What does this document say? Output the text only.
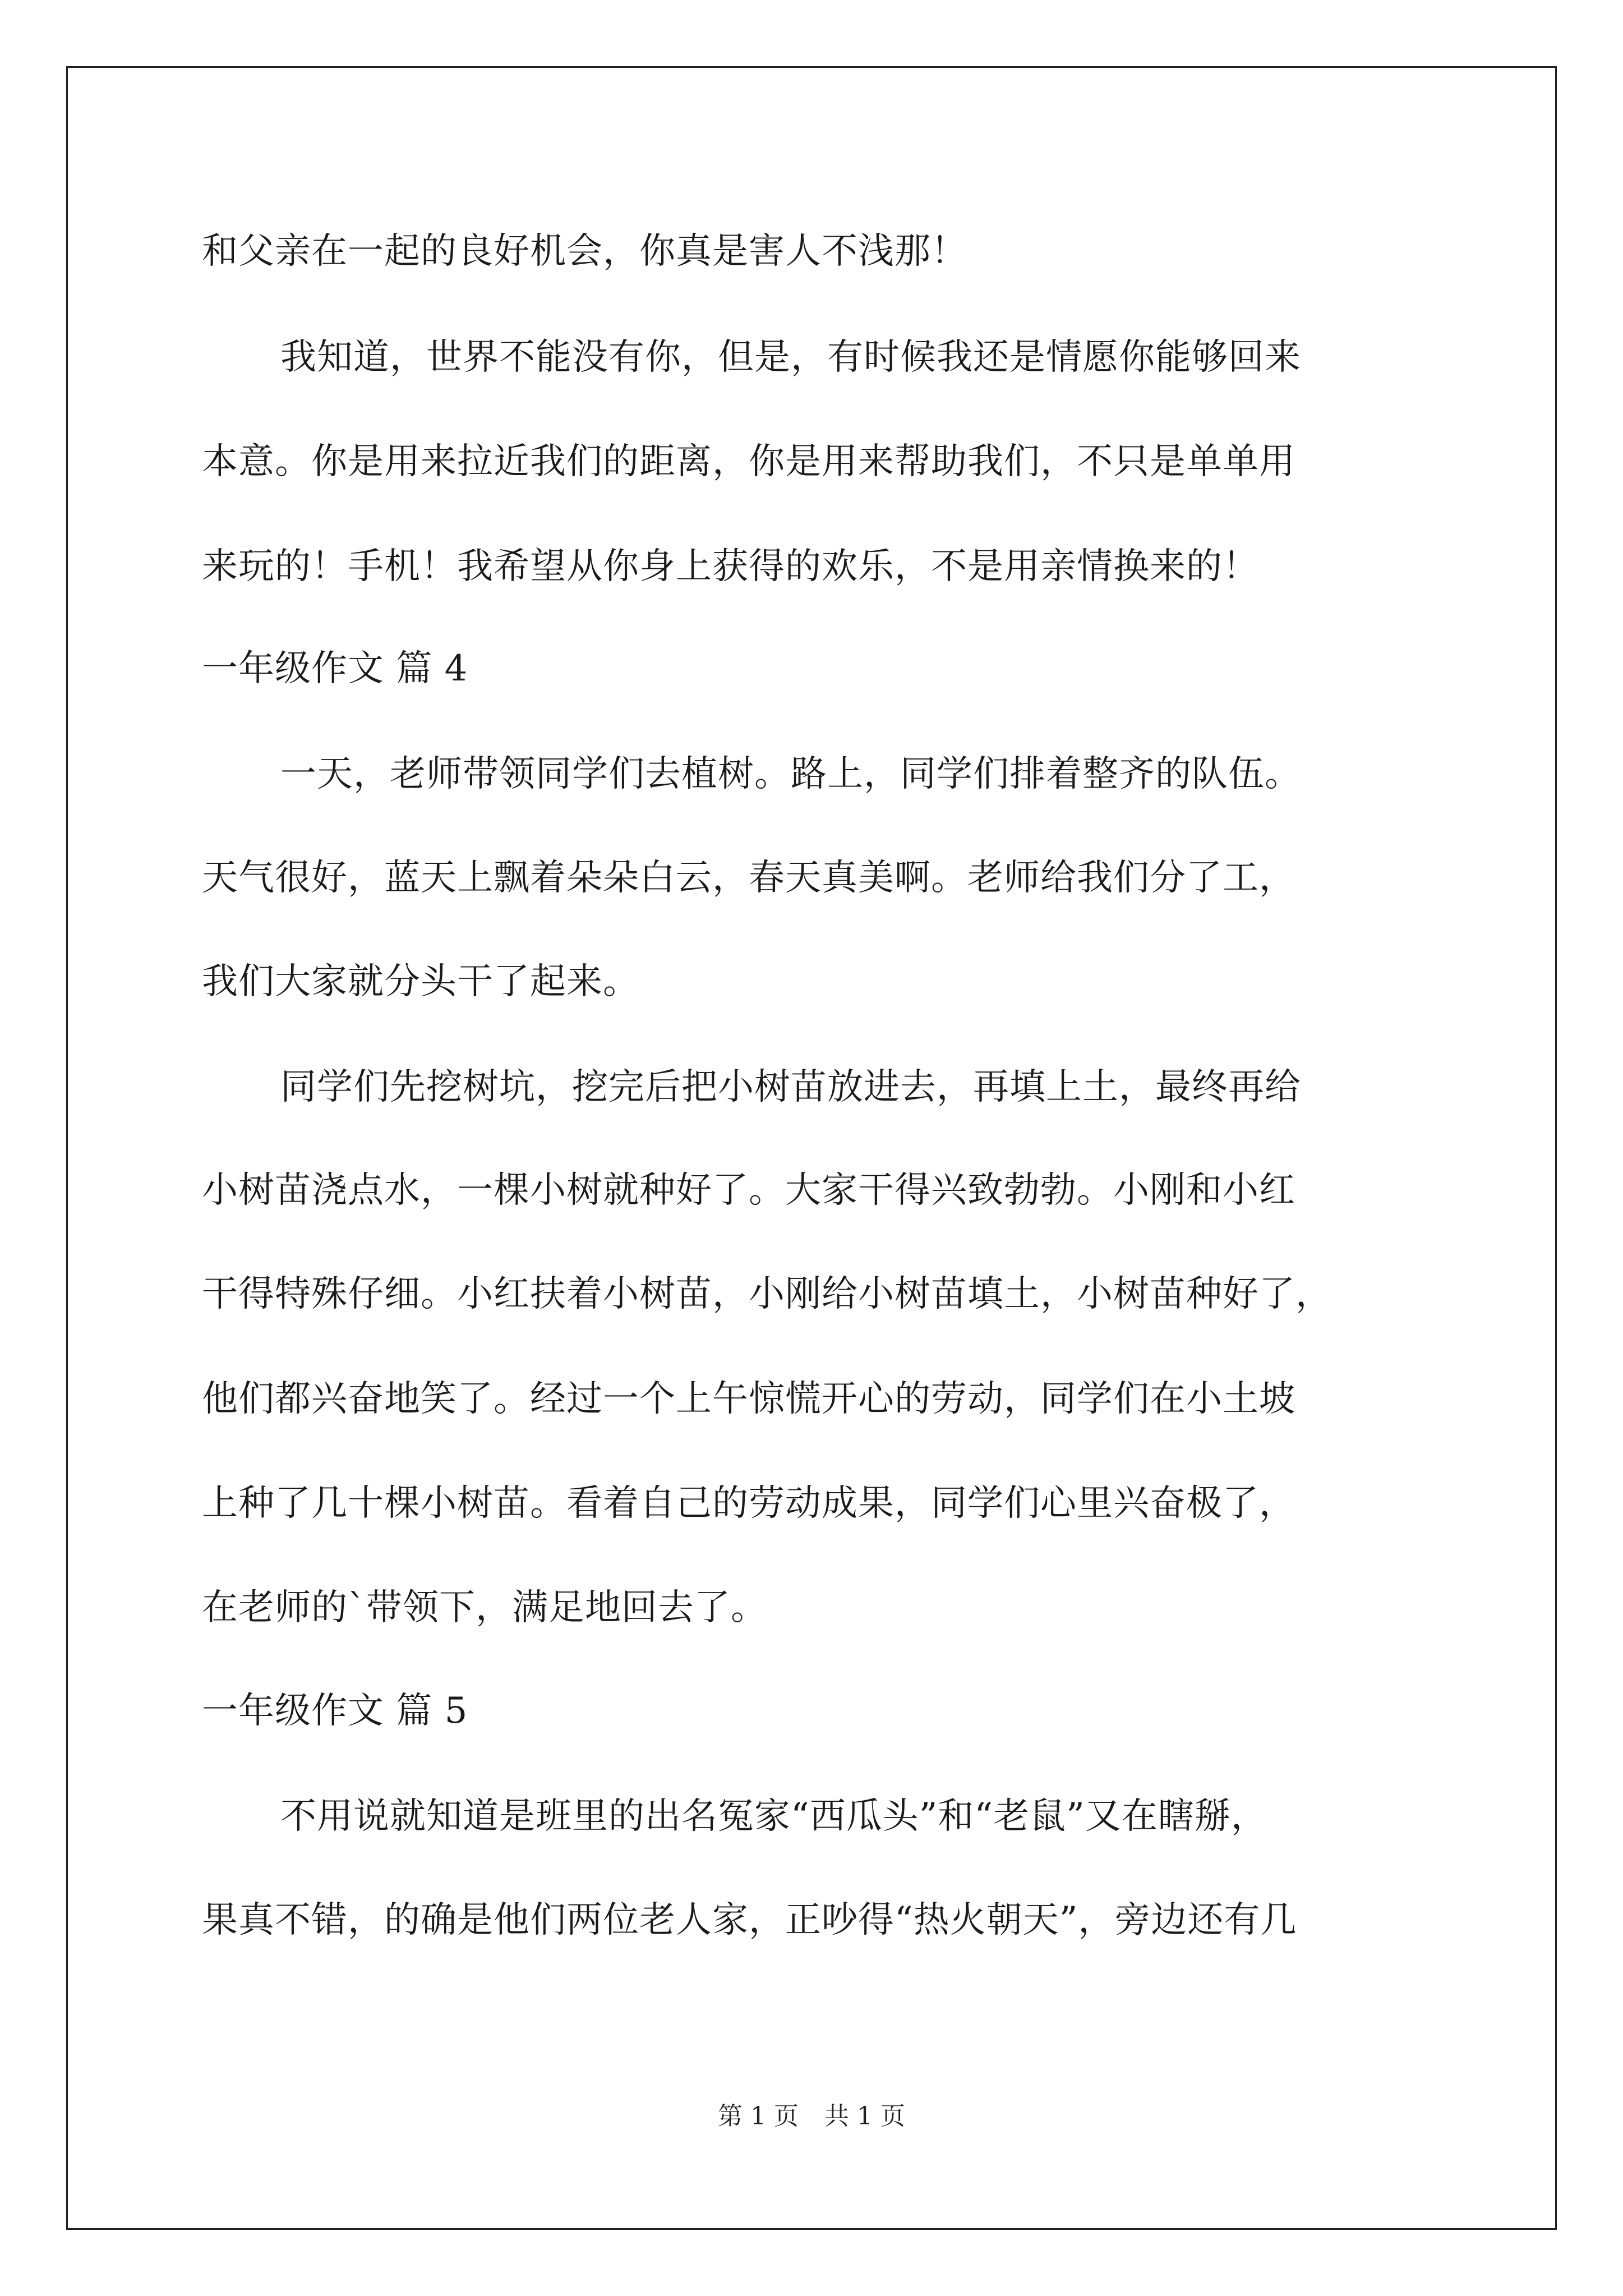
和父亲在一起的良好机会，你真是害人不浅那！
我知道，世界不能没有你，但是，有时候我还是情愿你能够回来
本意。你是用来拉近我们的距离，你是用来帮助我们，不只是单单用
来玩的！手机！我希望从你身上获得的欢乐，不是用亲情换来的！
一年级作文 篇 4
一天，老师带领同学们去植树。路上，同学们排着整齐的队伍。
天气很好，蓝天上飘着朵朵白云，春天真美啊。老师给我们分了工，
我们大家就分头干了起来。
同学们先挖树坑，挖完后把小树苗放进去，再填上土，最终再给
小树苗浇点水，一棵小树就种好了。大家干得兴致勃勃。小刚和小红
干得特殊仔细。小红扶着小树苗，小刚给小树苗填土，小树苗种好了，
他们都兴奋地笑了。经过一个上午惊慌开心的劳动，同学们在小土坡
上种了几十棵小树苗。看着自己的劳动成果，同学们心里兴奋极了，
在老师的`带领下，满足地回去了。
一年级作文 篇 5
不用说就知道是班里的出名冤家“西瓜头”和“老鼠”又在瞎掰，
果真不错，的确是他们两位老人家，正吵得“热火朝天”，旁边还有几
第 1 页 共 1 页
